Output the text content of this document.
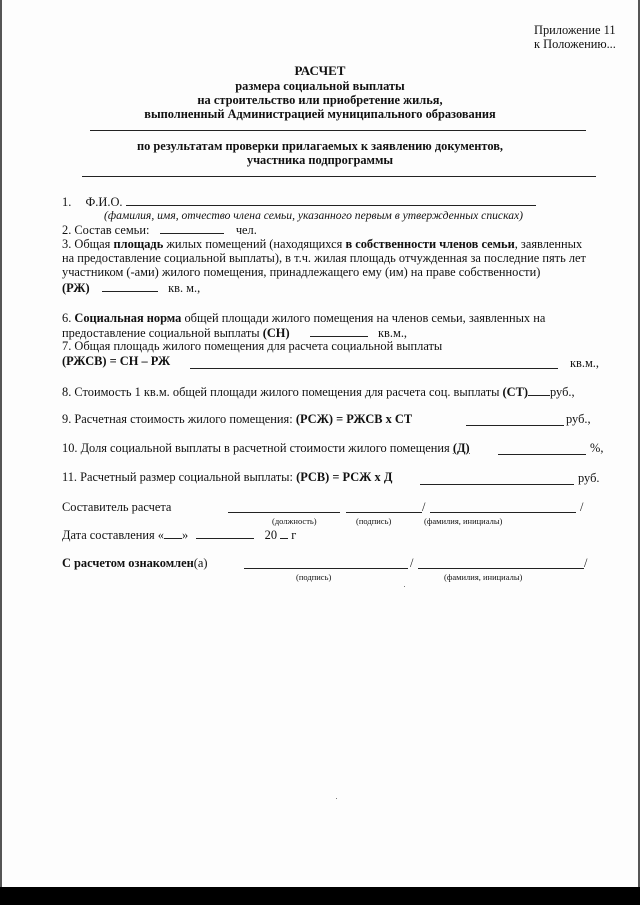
Приложение 11
к Положению...
РАСЧЕТ
размера социальной выплаты
на строительство или приобретение жилья,
выполненный Администрацией муниципального образования
по результатам проверки прилагаемых к заявлению документов,
участника подпрограммы
1. Ф.И.О.
(фамилия, имя, отчество члена семьи, указанного первым в утвержденных списках)
2. Состав семьи:	чел.
3. Общая площадь жилых помещений (находящихся в собственности членов семьи, заявленных
на предоставление социальной выплаты), в т.ч. жилая площадь отчужденная за последние пять лет
участником (-ами) жилого помещения, принадлежащего ему (им) на праве собственности)
(РЖ)	кв. м.,
6. Социальная норма общей площади жилого помещения на членов семьи, заявленных на
предоставление социальной выплаты (СН)	кв.м.,
7. Общая площадь жилого помещения для расчета социальной выплаты
(РЖСВ) = СН – РЖ	кв.м.,
8. Стоимость 1 кв.м. общей площади жилого помещения для расчета соц. выплаты (СТ) руб.,
9. Расчетная стоимость жилого помещения: (РСЖ) = РЖСВ х СТ	руб.,
10. Доля социальной выплаты в расчетной стоимости жилого помещения (Д)	%,
11. Расчетный размер социальной выплаты: (РСВ) = РСЖ х Д	руб.
Составитель расчета	/	/
(должность)	(подпись)	(фамилия, инициалы)
Дата составления « »	20 г
С расчетом ознакомлен(а)	/	/
(подпись)	(фамилия, инициалы)
